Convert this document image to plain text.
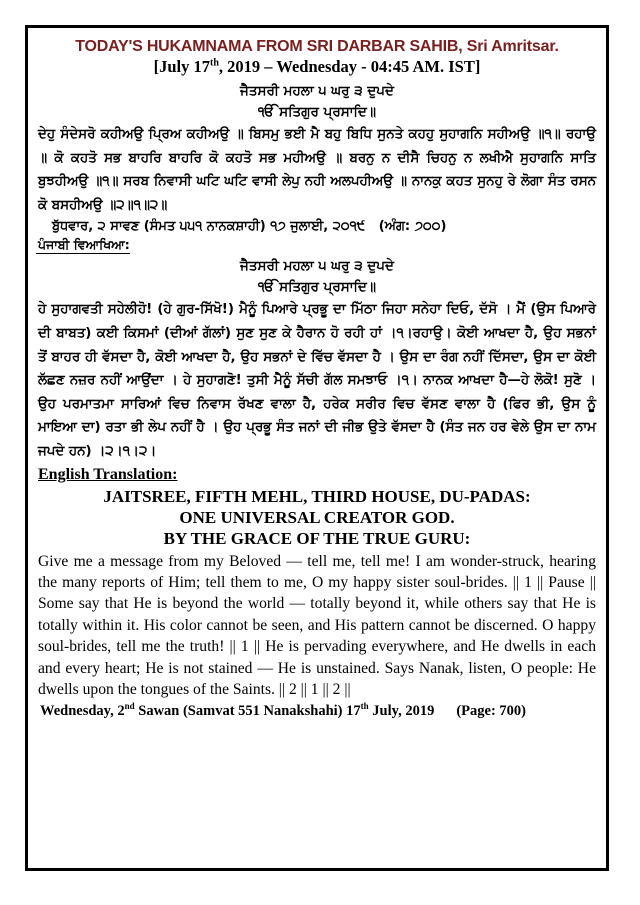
TODAY'S HUKAMNAMA FROM SRI DARBAR SAHIB, Sri Amritsar.
[July 17th, 2019 – Wednesday - 04:45 AM. IST]
ਜੈਤਸਰੀ ਮਹਲਾ ੫ ਘਰੁ ੩ ਦੁਪਦੇ
ੴ ਸਤਿਗੁਰ ਪ੍ਰਸਾਦਿ॥
ਦੇਹੁ ਸੰਦੇਸਰੋ ਕਹੀਅਉ ਪ੍ਰਿਅ ਕਹੀਅਉ ॥ ਬਿਸਮੁ ਭਈ ਮੈ ਬਹੁ ਬਿਧਿ ਸੁਨਤੇ ਕਹਹੁ ਸੁਹਾਗਨਿ ਸਹੀਅਉ ॥੧॥ ਰਹਾਉ ॥ ਕੋ ਕਹਤੋ ਸਭ ਬਾਹਰਿ ਬਾਹਰਿ ਕੋ ਕਹਤੋ ਸਭ ਮਹੀਅਉ ॥ ਬਰਨੁ ਨ ਦੀਸੈ ਚਿਹਨੁ ਨ ਲਖੀਐ ਸੁਹਾਗਨਿ ਸਾਤਿ ਬੁਝਹੀਅਉ ॥੧॥ ਸਰਬ ਨਿਵਾਸੀ ਘਟਿ ਘਟਿ ਵਾਸੀ ਲੇਪੁ ਨਹੀ ਅਲਪਹੀਅਉ ॥ ਨਾਨਕੁ ਕਹਤ ਸੁਨਹੁ ਰੇ ਲੋਗਾ ਸੰਤ ਰਸਨ ਕੋ ਬਸਹੀਅਉ ॥੨॥੧॥੨॥
ਬੁੱਧਵਾਰ, ੨ ਸਾਵਣ (ਸੰਮਤ ੫੫੧ ਨਾਨਕਸ਼ਾਹੀ) ੧੭ ਜੁਲਾਈ, ੨੦੧੯ (ਅੰਗ: ੭੦੦)
ਪੰਜਾਬੀ ਵਿਆਖਿਆ:
ਜੈਤਸਰੀ ਮਹਲਾ ੫ ਘਰੁ ੩ ਦੁਪਦੇ
ੴ ਸਤਿਗੁਰ ਪ੍ਰਸਾਦਿ॥
ਹੇ ਸੁਹਾਗਵਤੀ ਸਹੇਲੀਹੋ! (ਹੇ ਗੁਰ-ਸਿੱਖੋ!) ਮੈਨੂੰ ਪਿਆਰੇ ਪ੍ਰਭੂ ਦਾ ਮਿੱਠਾ ਜਿਹਾ ਸਨੇਹਾ ਦਿਓ, ਦੱਸੋ । ਮੈਂ (ਉਸ ਪਿਆਰੇ ਦੀ ਬਾਬਤ) ਕਈ ਕਿਸਮਾਂ (ਦੀਆਂ ਗੱਲਾਂ) ਸੁਣ ਸੁਣ ਕੇ ਹੈਰਾਨ ਹੋ ਰਹੀ ਹਾਂ ।੧।ਰਹਾਉ। ਕੋਈ ਆਖਦਾ ਹੈ, ਉਹ ਸਭਨਾਂ ਤੋਂ ਬਾਹਰ ਹੀ ਵੱਸਦਾ ਹੈ, ਕੋਈ ਆਖਦਾ ਹੈ, ਉਹ ਸਭਨਾਂ ਦੇ ਵਿੱਚ ਵੱਸਦਾ ਹੈ । ਉਸ ਦਾ ਰੰਗ ਨਹੀਂ ਦਿੱਸਦਾ, ਉਸ ਦਾ ਕੋਈ ਲੱਛਣ ਨਜ਼ਰ ਨਹੀਂ ਆਉਂਦਾ । ਹੇ ਸੁਹਾਗਣੋ! ਤੁਸੀ ਮੈਨੂੰ ਸੱਚੀ ਗੱਲ ਸਮਝਾਓ ।੧। ਨਾਨਕ ਆਖਦਾ ਹੈ—ਹੇ ਲੋਕੋ! ਸੁਣੋ । ਉਹ ਪਰਮਾਤਮਾ ਸਾਰਿਆਂ ਵਿਚ ਨਿਵਾਸ ਰੱਖਣ ਵਾਲਾ ਹੈ, ਹਰੇਕ ਸਰੀਰ ਵਿਚ ਵੱਸਣ ਵਾਲਾ ਹੈ (ਫਿਰ ਭੀ, ਉਸ ਨੂੰ ਮਾਇਆ ਦਾ) ਰਤਾ ਭੀ ਲੇਪ ਨਹੀਂ ਹੈ । ਉਹ ਪ੍ਰਭੂ ਸੰਤ ਜਨਾਂ ਦੀ ਜੀਭ ਉਤੇ ਵੱਸਦਾ ਹੈ (ਸੰਤ ਜਨ ਹਰ ਵੇਲੇ ਉਸ ਦਾ ਨਾਮ ਜਪਦੇ ਹਨ) ।੨।੧।੨।
English Translation:
JAITSREE, FIFTH MEHL, THIRD HOUSE, DU-PADAS:
ONE UNIVERSAL CREATOR GOD.
BY THE GRACE OF THE TRUE GURU:
Give me a message from my Beloved — tell me, tell me! I am wonder-struck, hearing the many reports of Him; tell them to me, O my happy sister soul-brides. || 1 || Pause || Some say that He is beyond the world — totally beyond it, while others say that He is totally within it. His color cannot be seen, and His pattern cannot be discerned. O happy soul-brides, tell me the truth! || 1 || He is pervading everywhere, and He dwells in each and every heart; He is not stained — He is unstained. Says Nanak, listen, O people: He dwells upon the tongues of the Saints. || 2 || 1 || 2 ||
Wednesday, 2nd Sawan (Samvat 551 Nanakshahi) 17th July, 2019 (Page: 700)
